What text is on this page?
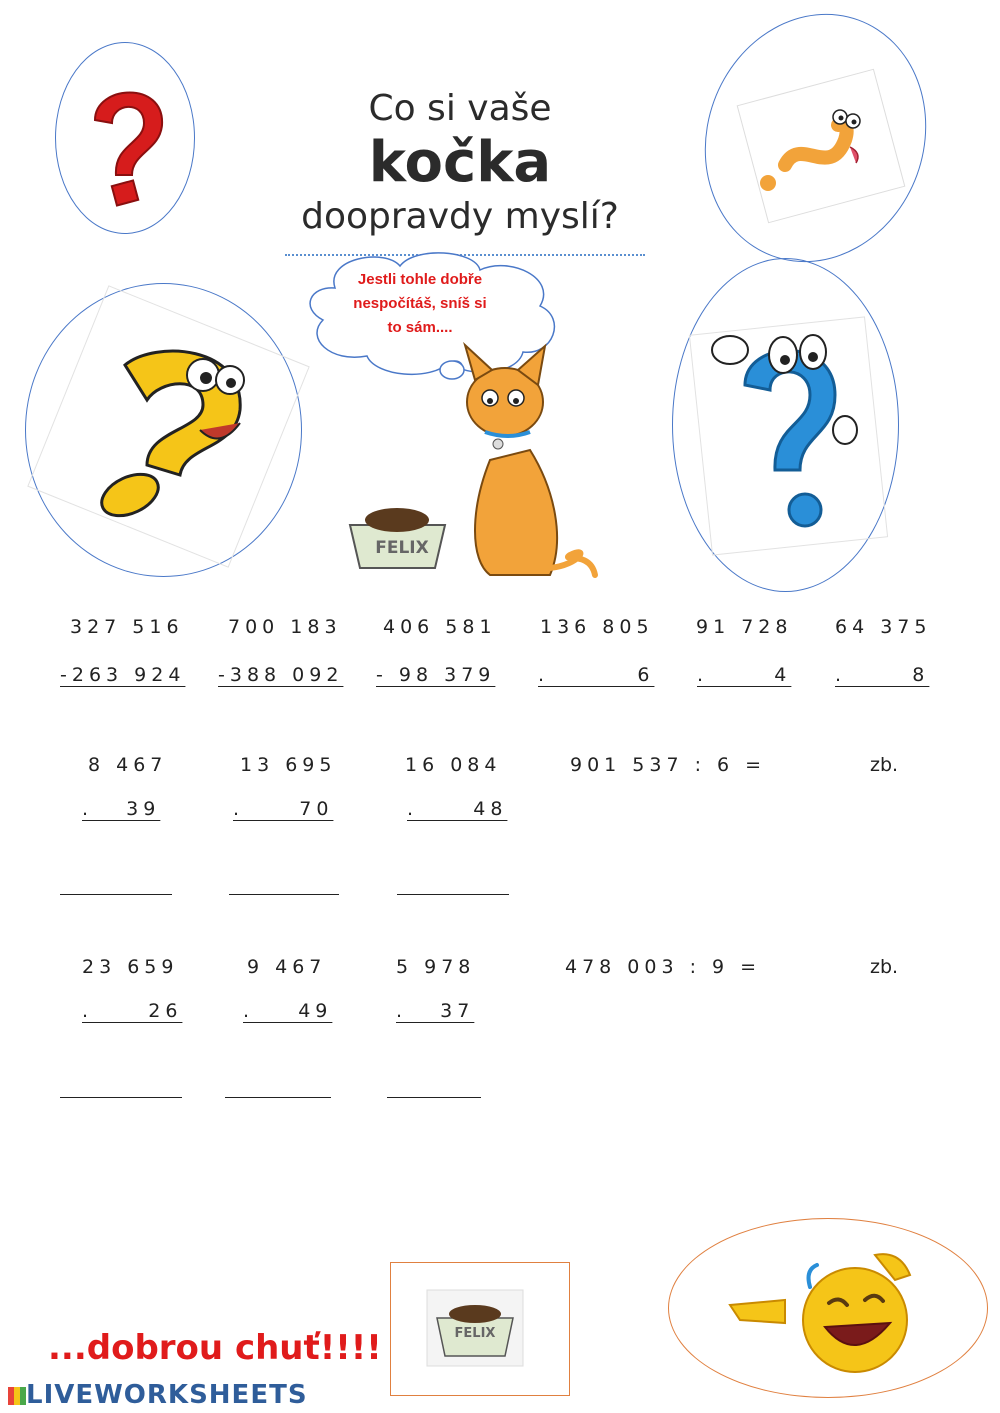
Co si vaše
kočka
doopravdy myslí?
Jestli tohle dobře
nespočítáš, sníš si
to sám....
FELIX
327 516
-263 924
700 183
-388 092
406 581
- 98 379
136 805
.        6
91 728
.      4
64 375
.      8
8 467
.   39
13 695
.     70
16 084
.     48
901 537 : 6 =	zb.
23 659
.     26
9 467
.    49
5 978
.   37
478 003 : 9 =	zb.
FELIX
...dobrou chuť!!!!
LIVEWORKSHEETS
